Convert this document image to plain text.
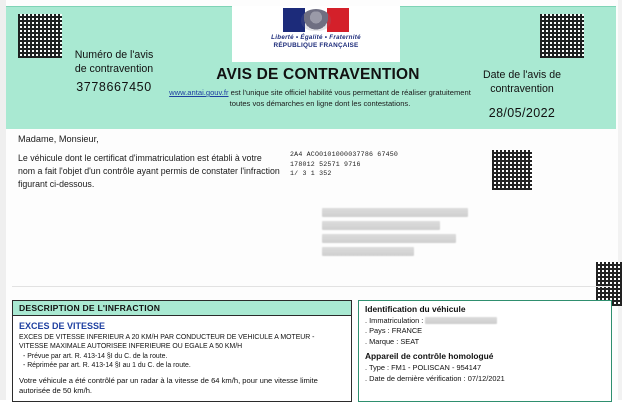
Liberté • Égalité • Fraternité
RÉPUBLIQUE FRANÇAISE
Numéro de l'avis
de contravention
3778667450
AVIS DE CONTRAVENTION
www.antai.gouv.fr est l'unique site officiel habilité vous permettant de réaliser gratuitement toutes vos démarches en ligne dont les contestations.
Date de l'avis de
contravention
28/05/2022
Madame, Monsieur,
Le véhicule dont le certificat d'immatriculation est établi à votre nom a fait l'objet d'un contrôle ayant permis de constater l'infraction figurant ci-dessous.
2A4 ACO0101000037786 67450
178012 52571 9716
1/ 3 1 352
DESCRIPTION DE L'INFRACTION
EXCES DE VITESSE
EXCES DE VITESSE INFERIEUR A 20 KM/H PAR CONDUCTEUR DE VEHICULE A MOTEUR -
VITESSE MAXIMALE AUTORISEE INFERIEURE OU EGALE A 50 KM/H
- Prévue par art. R. 413-14 §I du C. de la route.
- Réprimée par art. R. 413-14 §I au 1 du C. de la route.
Votre véhicule a été contrôlé par un radar à la vitesse de 64 km/h, pour une vitesse limite autorisée de 50 km/h.
Identification du véhicule
. Immatriculation :
. Pays : FRANCE
. Marque : SEAT
Appareil de contrôle homologué
. Type : FM1 - POLISCAN - 954147
. Date de dernière vérification : 07/12/2021
